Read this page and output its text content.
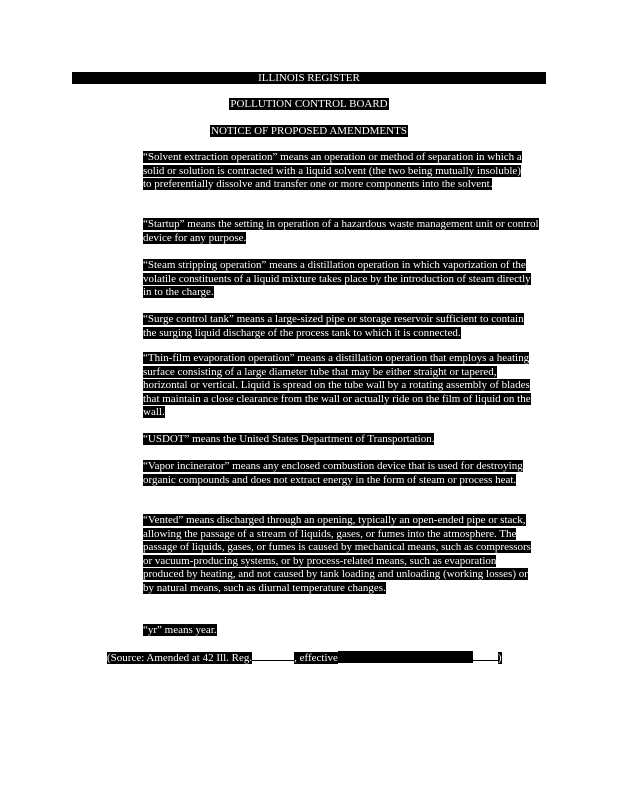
ILLINOIS REGISTER
POLLUTION CONTROL BOARD
NOTICE OF PROPOSED AMENDMENTS

“Solvent extraction operation” means an operation or method of separation in which a solid or solution is contracted with a liquid solvent (the two being mutually insoluble) to preferentially dissolve and transfer one or more components into the solvent.

“Startup” means the setting in operation of a hazardous waste management unit or control device for any purpose.

“Steam stripping operation” means a distillation operation in which vaporization of the volatile constituents of a liquid mixture takes place by the introduction of steam directly in to the charge.

“Surge control tank” means a large-sized pipe or storage reservoir sufficient to contain the surging liquid discharge of the process tank to which it is connected.

“Thin-film evaporation operation” means a distillation operation that employs a heating surface consisting of a large diameter tube that may be either straight or tapered, horizontal or vertical. Liquid is spread on the tube wall by a rotating assembly of blades that maintain a close clearance from the wall or actually ride on the film of liquid on the wall.

“USDOT” means the United States Department of Transportation.

“Vapor incinerator” means any enclosed combustion device that is used for destroying organic compounds and does not extract energy in the form of steam or process heat.

“Vented” means discharged through an opening, typically an open-ended pipe or stack, allowing the passage of a stream of liquids, gases, or fumes into the atmosphere. The passage of liquids, gases, or fumes is caused by mechanical means, such as compressors or vacuum-producing systems, or by process-related means, such as evaporation produced by heating, and not caused by tank loading and unloading (working losses) or by natural means, such as diurnal temperature changes.

“yr” means year.

(Source: Amended at 42 Ill. Reg.	, effective	)
